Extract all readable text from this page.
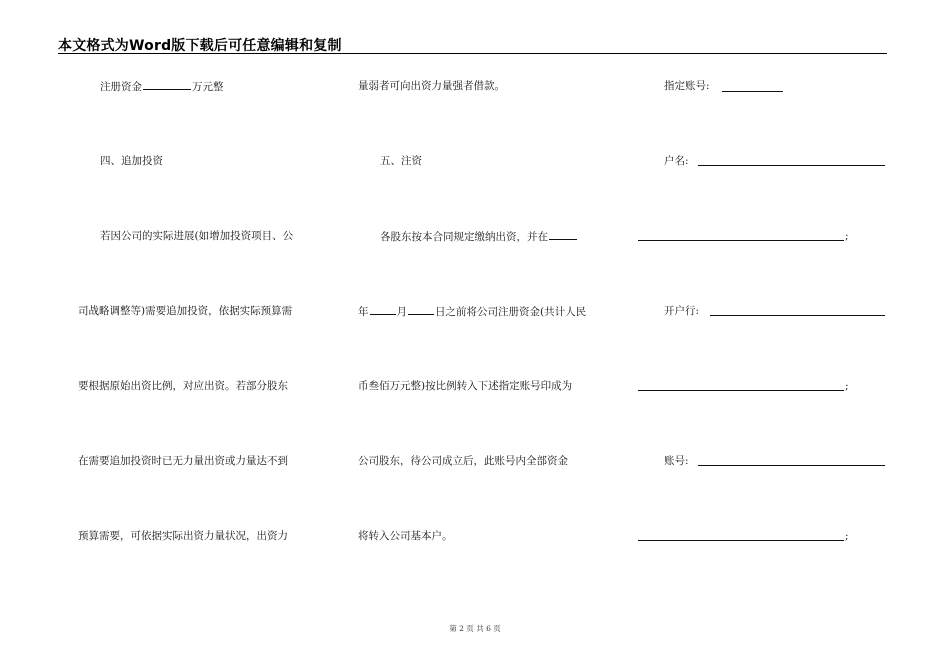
本文格式为Word版下载后可任意编辑和复制
注册资金	万元整
四、追加投资
若因公司的实际进展(如增加投资项目、公
司战略调整等)需要追加投资，依据实际预算需
要根据原始出资比例，对应出资。若部分股东
在需要追加投资时已无力量出资或力量达不到
预算需要，可依据实际出资力量状况，出资力
量弱者可向出资力量强者借款。
五、注资
各股东按本合同规定缴纳出资，并在
年	月	日之前将公司注册资金(共计人民
币叁佰万元整)按比例转入下述指定账号印成为
公司股东，待公司成立后，此账号内全部资金
将转入公司基本户。
指定账号:
户名:
;
开户行:
;
账号:
;
第 2 页 共 6 页
